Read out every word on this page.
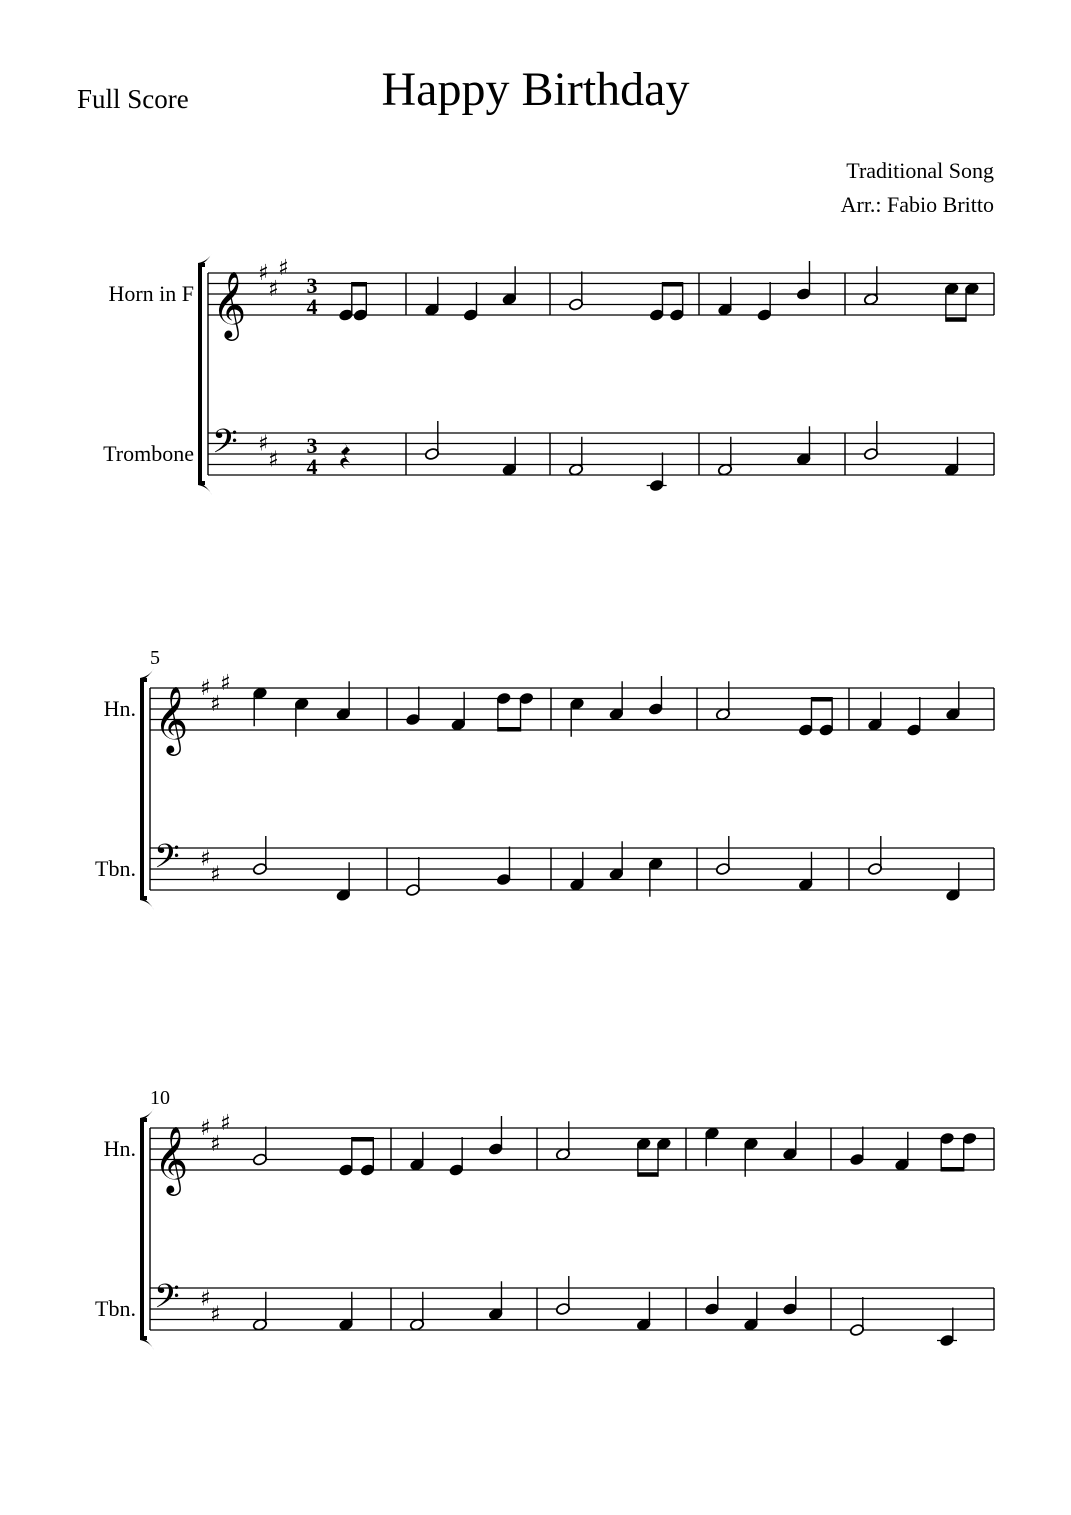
Happy Birthday
Full Score
Traditional Song
Arr.: Fabio Britto
Horn in F
Trombone
𝄞
𝄢
♯
♯
♯
♯
♯
3
4
3
4
Hn.
Tbn.
5
𝄞
𝄢
♯
♯
♯
♯
♯
Hn.
Tbn.
10
𝄞
𝄢
♯
♯
♯
♯
♯
